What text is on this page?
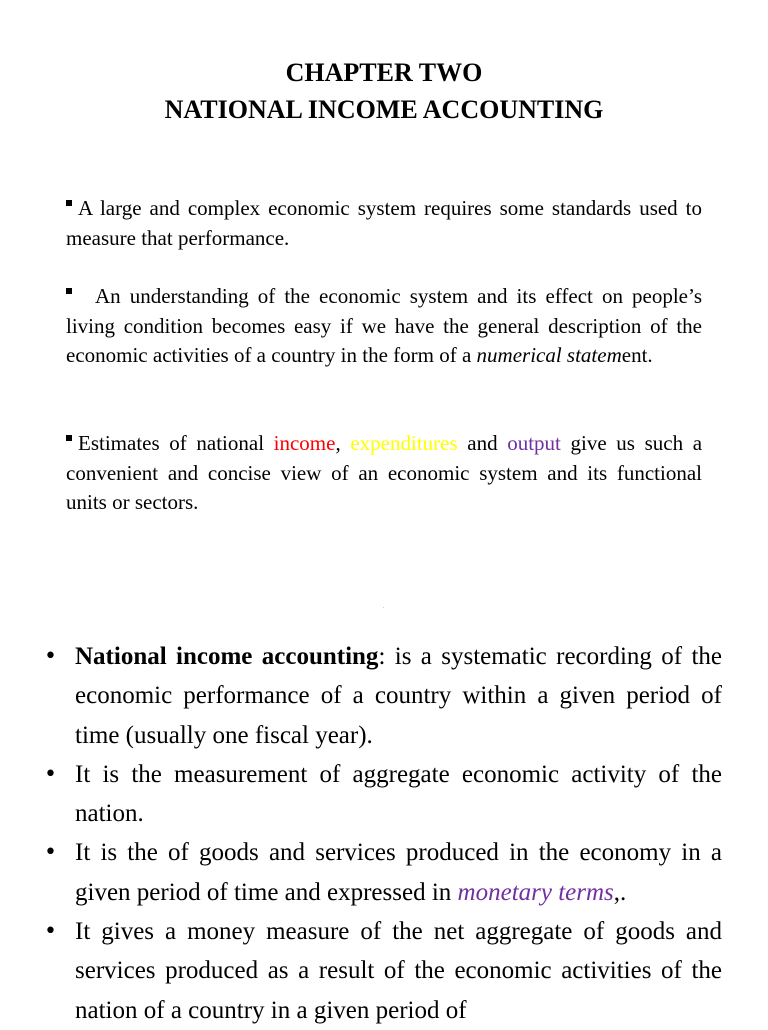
CHAPTER TWO
NATIONAL INCOME ACCOUNTING
A large and complex economic system requires some standards used to measure that performance.
An understanding of the economic system and its effect on people’s living condition becomes easy if we have the general description of the economic activities of a country in the form of a numerical statement.
Estimates of national income, expenditures and output give us such a convenient and concise view of an economic system and its functional units or sectors.
• National income accounting: is a systematic recording of the economic performance of a country within a given period of time (usually one fiscal year).
• It is the measurement of aggregate economic activity of the nation.
• It is the of goods and services produced in the economy in a given period of time and expressed in monetary terms,.
• It gives a money measure of the net aggregate of goods and services produced as a result of the economic activities of the nation of a country in a given period of
